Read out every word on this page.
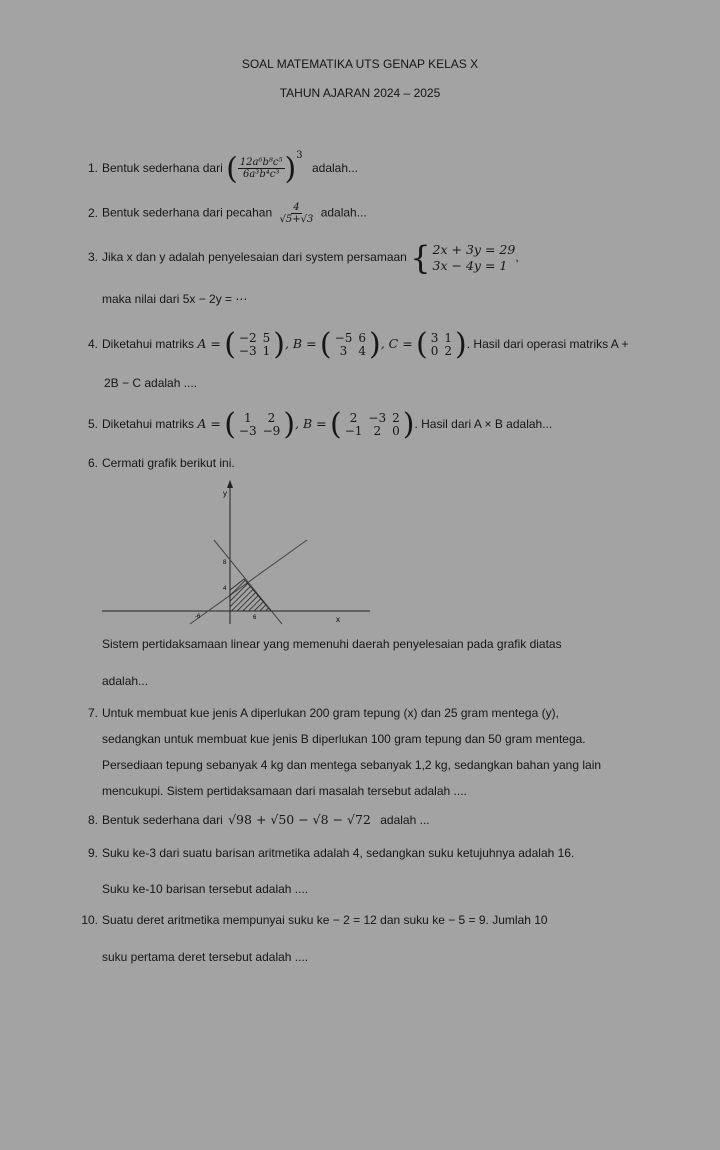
SOAL MATEMATIKA UTS GENAP KELAS X
TAHUN AJARAN 2024 – 2025
1. Bentuk sederhana dari ( $\frac{\text{12a⁶b⁸c⁵}}{\text{6a³b⁴c³}} )^3$ adalah...
2. Bentuk sederhana dari pecahan $\frac{4}{√5+√3}$ adalah...
3. Jika x dan y adalah penyelesaian dari system persamaan { 2x + 3y = 29
3x − 4y = 1
,
maka nilai dari 5x − 2y = ⋯
4. Diketahui matriks A = ( −2	5
−3	1 ) , B = ( −5	6
3	4 ) , C = ( 3	1
0	2 ) . Hasil dari operasi matriks A +
2B − C adalah ....
5. Diketahui matriks A = ( 1	2
−3	−9 ) , B = ( 2	−3	2
−1	2	0 ) . Hasil dari A × B adalah...
6. Cermati grafik berikut ini.
y
x
8
4
-6	6
Sistem pertidaksamaan linear yang memenuhi daerah penyelesaian pada grafik diatas
adalah...
7. Untuk membuat kue jenis A diperlukan 200 gram tepung (x) dan 25 gram mentega (y),
sedangkan untuk membuat kue jenis B diperlukan 100 gram tepung dan 50 gram mentega.
Persediaan tepung sebanyak 4 kg dan mentega sebanyak 1,2 kg, sedangkan bahan yang lain
mencukupi. Sistem pertidaksamaan dari masalah tersebut adalah ....
8. Bentuk sederhana dari √98 + √50 − √8 − √72 adalah ...
9. Suku ke-3 dari suatu barisan aritmetika adalah 4, sedangkan suku ketujuhnya adalah 16.
Suku ke-10 barisan tersebut adalah ....
10. Suatu deret aritmetika mempunyai suku ke − 2 = 12 dan suku ke − 5 = 9. Jumlah 10
suku pertama deret tersebut adalah ....
